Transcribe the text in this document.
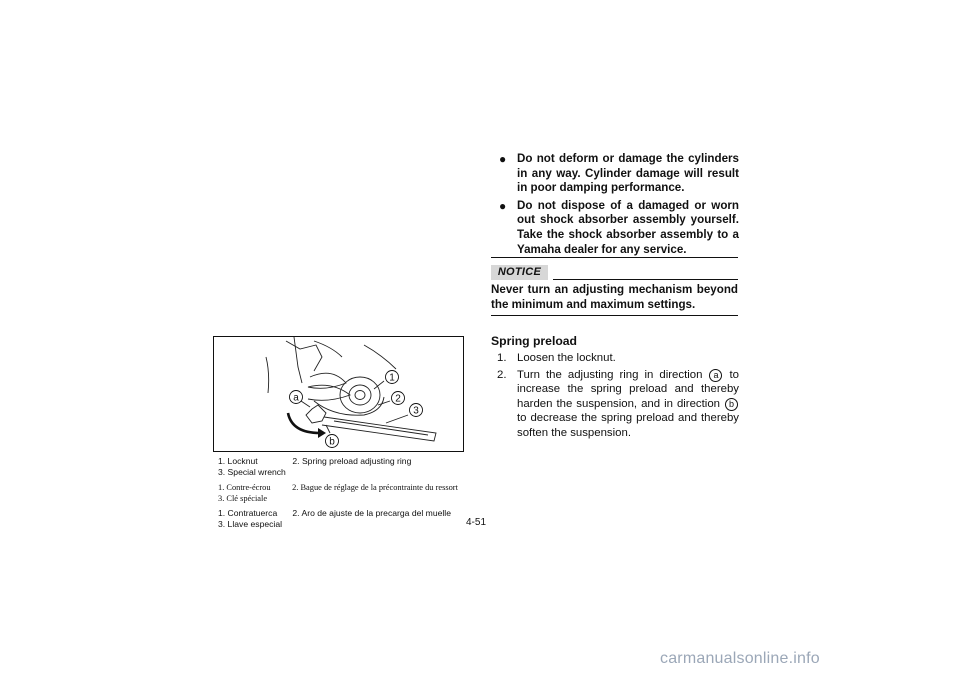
● Do not deform or damage the cylinders in any way. Cylinder damage will result in poor damping performance.
● Do not dispose of a damaged or worn out shock absorber assembly yourself. Take the shock absorber assembly to a Yamaha dealer for any service.
NOTICE
Never turn an adjusting mechanism beyond the minimum and maximum settings.
Spring preload
1. Loosen the locknut.
2. Turn the adjusting ring in direction a to increase the spring preload and thereby harden the suspension, and in direction b to decrease the spring preload and thereby soften the suspension.
1
2
3
a
b
1. Locknut	2. Spring preload adjusting ring
3. Special wrench
1. Contre-écrou	2. Bague de réglage de la précontrainte du ressort
3. Clé spéciale
1. Contratuerca 2. Aro de ajuste de la precarga del muelle
3. Llave especial	4-51
carmanualsonline.info
